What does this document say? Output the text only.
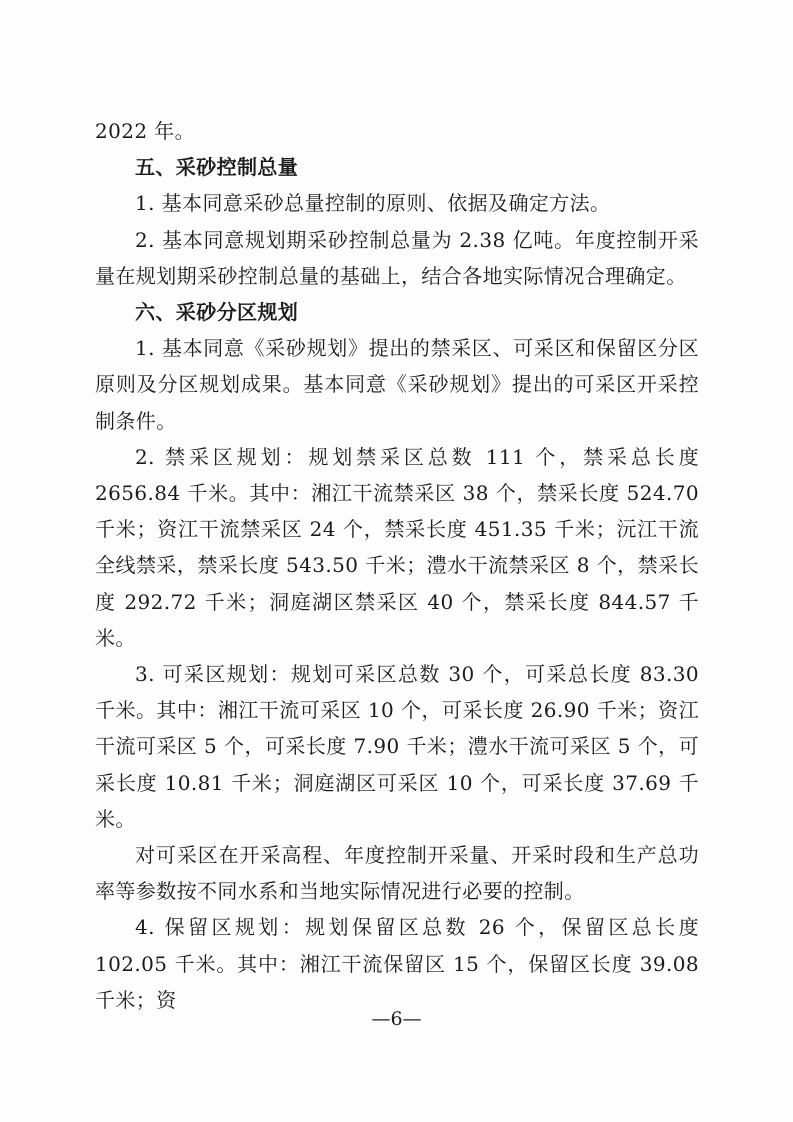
2022 年。

五、采砂控制总量

1. 基本同意采砂总量控制的原则、依据及确定方法。

2. 基本同意规划期采砂控制总量为 2.38 亿吨。年度控制开采量在规划期采砂控制总量的基础上，结合各地实际情况合理确定。

六、采砂分区规划

1. 基本同意《采砂规划》提出的禁采区、可采区和保留区分区原则及分区规划成果。基本同意《采砂规划》提出的可采区开采控制条件。

2. 禁采区规划：规划禁采区总数 111 个，禁采总长度 2656.84 千米。其中：湘江干流禁采区 38 个，禁采长度 524.70 千米；资江干流禁采区 24 个，禁采长度 451.35 千米；沅江干流全线禁采，禁采长度 543.50 千米；澧水干流禁采区 8 个，禁采长度 292.72 千米；洞庭湖区禁采区 40 个，禁采长度 844.57 千米。

3. 可采区规划：规划可采区总数 30 个，可采总长度 83.30 千米。其中：湘江干流可采区 10 个，可采长度 26.90 千米；资江干流可采区 5 个，可采长度 7.90 千米；澧水干流可采区 5 个，可采长度 10.81 千米；洞庭湖区可采区 10 个，可采长度 37.69 千米。

对可采区在开采高程、年度控制开采量、开采时段和生产总功率等参数按不同水系和当地实际情况进行必要的控制。

4. 保留区规划：规划保留区总数 26 个，保留区总长度 102.05 千米。其中：湘江干流保留区 15 个，保留区长度 39.08 千米；资

—6—
